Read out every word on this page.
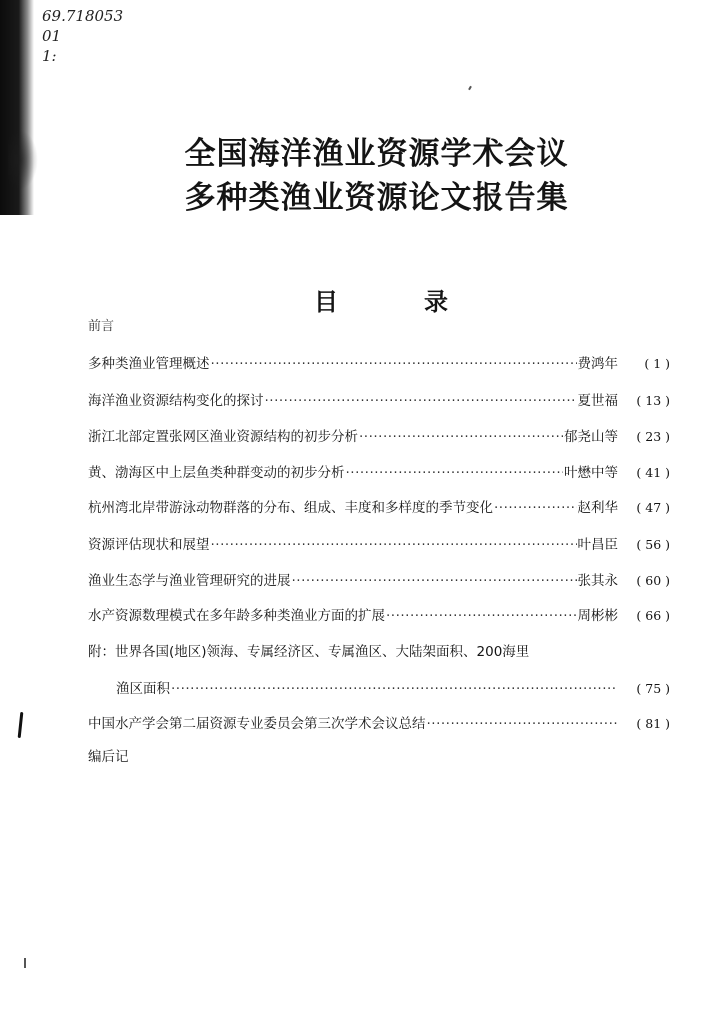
69.718053
01
1:
全国海洋渔业资源学术会议
多种类渔业资源论文报告集
目录
前言
多种类渔业管理概述 ·····	费鸿年	( 1 )
海洋渔业资源结构变化的探讨 ·····	夏世福	( 13 )
浙江北部定置张网区渔业资源结构的初步分析 ·····	郁尧山等	( 23 )
黄、渤海区中上层鱼类种群变动的初步分析 ·····	叶懋中等	( 41 )
杭州湾北岸带游泳动物群落的分布、组成、丰度和多样度的季节变化 ·····	赵利华	( 47 )
资源评估现状和展望 ·····	叶昌臣	( 56 )
渔业生态学与渔业管理研究的进展 ·····	张其永	( 60 )
水产资源数理模式在多年龄多种类渔业方面的扩展 ·····	周彬彬	( 66 )
附：世界各国(地区)领海、专属经济区、专属渔区、大陆架面积、200海里
渔区面积 ·····	( 75 )
中国水产学会第二届资源专业委员会第三次学术会议总结 ·····	( 81 )
编后记
